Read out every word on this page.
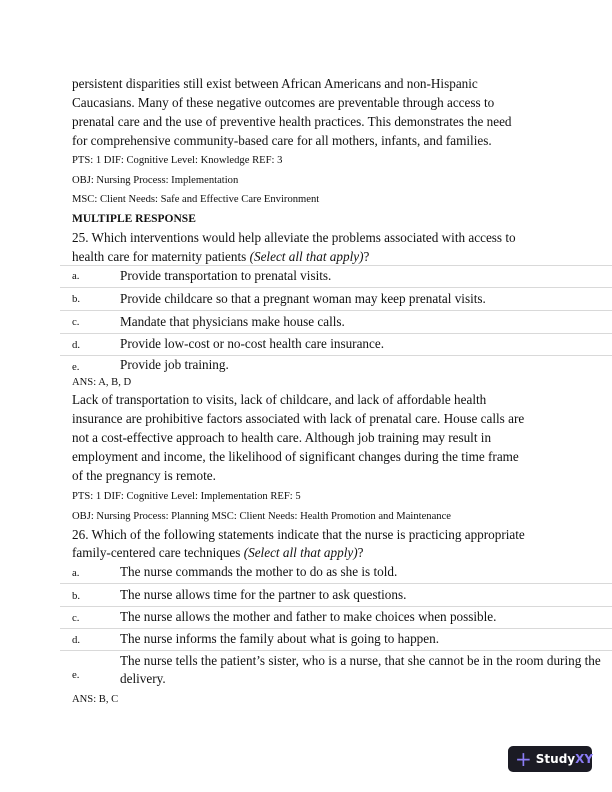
persistent disparities still exist between African Americans and non-Hispanic
Caucasians. Many of these negative outcomes are preventable through access to
prenatal care and the use of preventive health practices. This demonstrates the need
for comprehensive community-based care for all mothers, infants, and families.
PTS: 1 DIF: Cognitive Level: Knowledge REF: 3
OBJ: Nursing Process: Implementation
MSC: Client Needs: Safe and Effective Care Environment
MULTIPLE RESPONSE
25. Which interventions would help alleviate the problems associated with access to
health care for maternity patients (Select all that apply)?
a.	Provide transportation to prenatal visits.
b.	Provide childcare so that a pregnant woman may keep prenatal visits.
c.	Mandate that physicians make house calls.
d.	Provide low-cost or no-cost health care insurance.
e.	Provide job training.
ANS: A, B, D
Lack of transportation to visits, lack of childcare, and lack of affordable health
insurance are prohibitive factors associated with lack of prenatal care. House calls are
not a cost-effective approach to health care. Although job training may result in
employment and income, the likelihood of significant changes during the time frame
of the pregnancy is remote.
PTS: 1 DIF: Cognitive Level: Implementation REF: 5
OBJ: Nursing Process: Planning MSC: Client Needs: Health Promotion and Maintenance
26. Which of the following statements indicate that the nurse is practicing appropriate
family-centered care techniques (Select all that apply)?
a.	The nurse commands the mother to do as she is told.
b.	The nurse allows time for the partner to ask questions.
c.	The nurse allows the mother and father to make choices when possible.
d.	The nurse informs the family about what is going to happen.
e.
The nurse tells the patient’s sister, who is a nurse, that she cannot be in the room during the
delivery.
ANS: B, C
+ Study XY
